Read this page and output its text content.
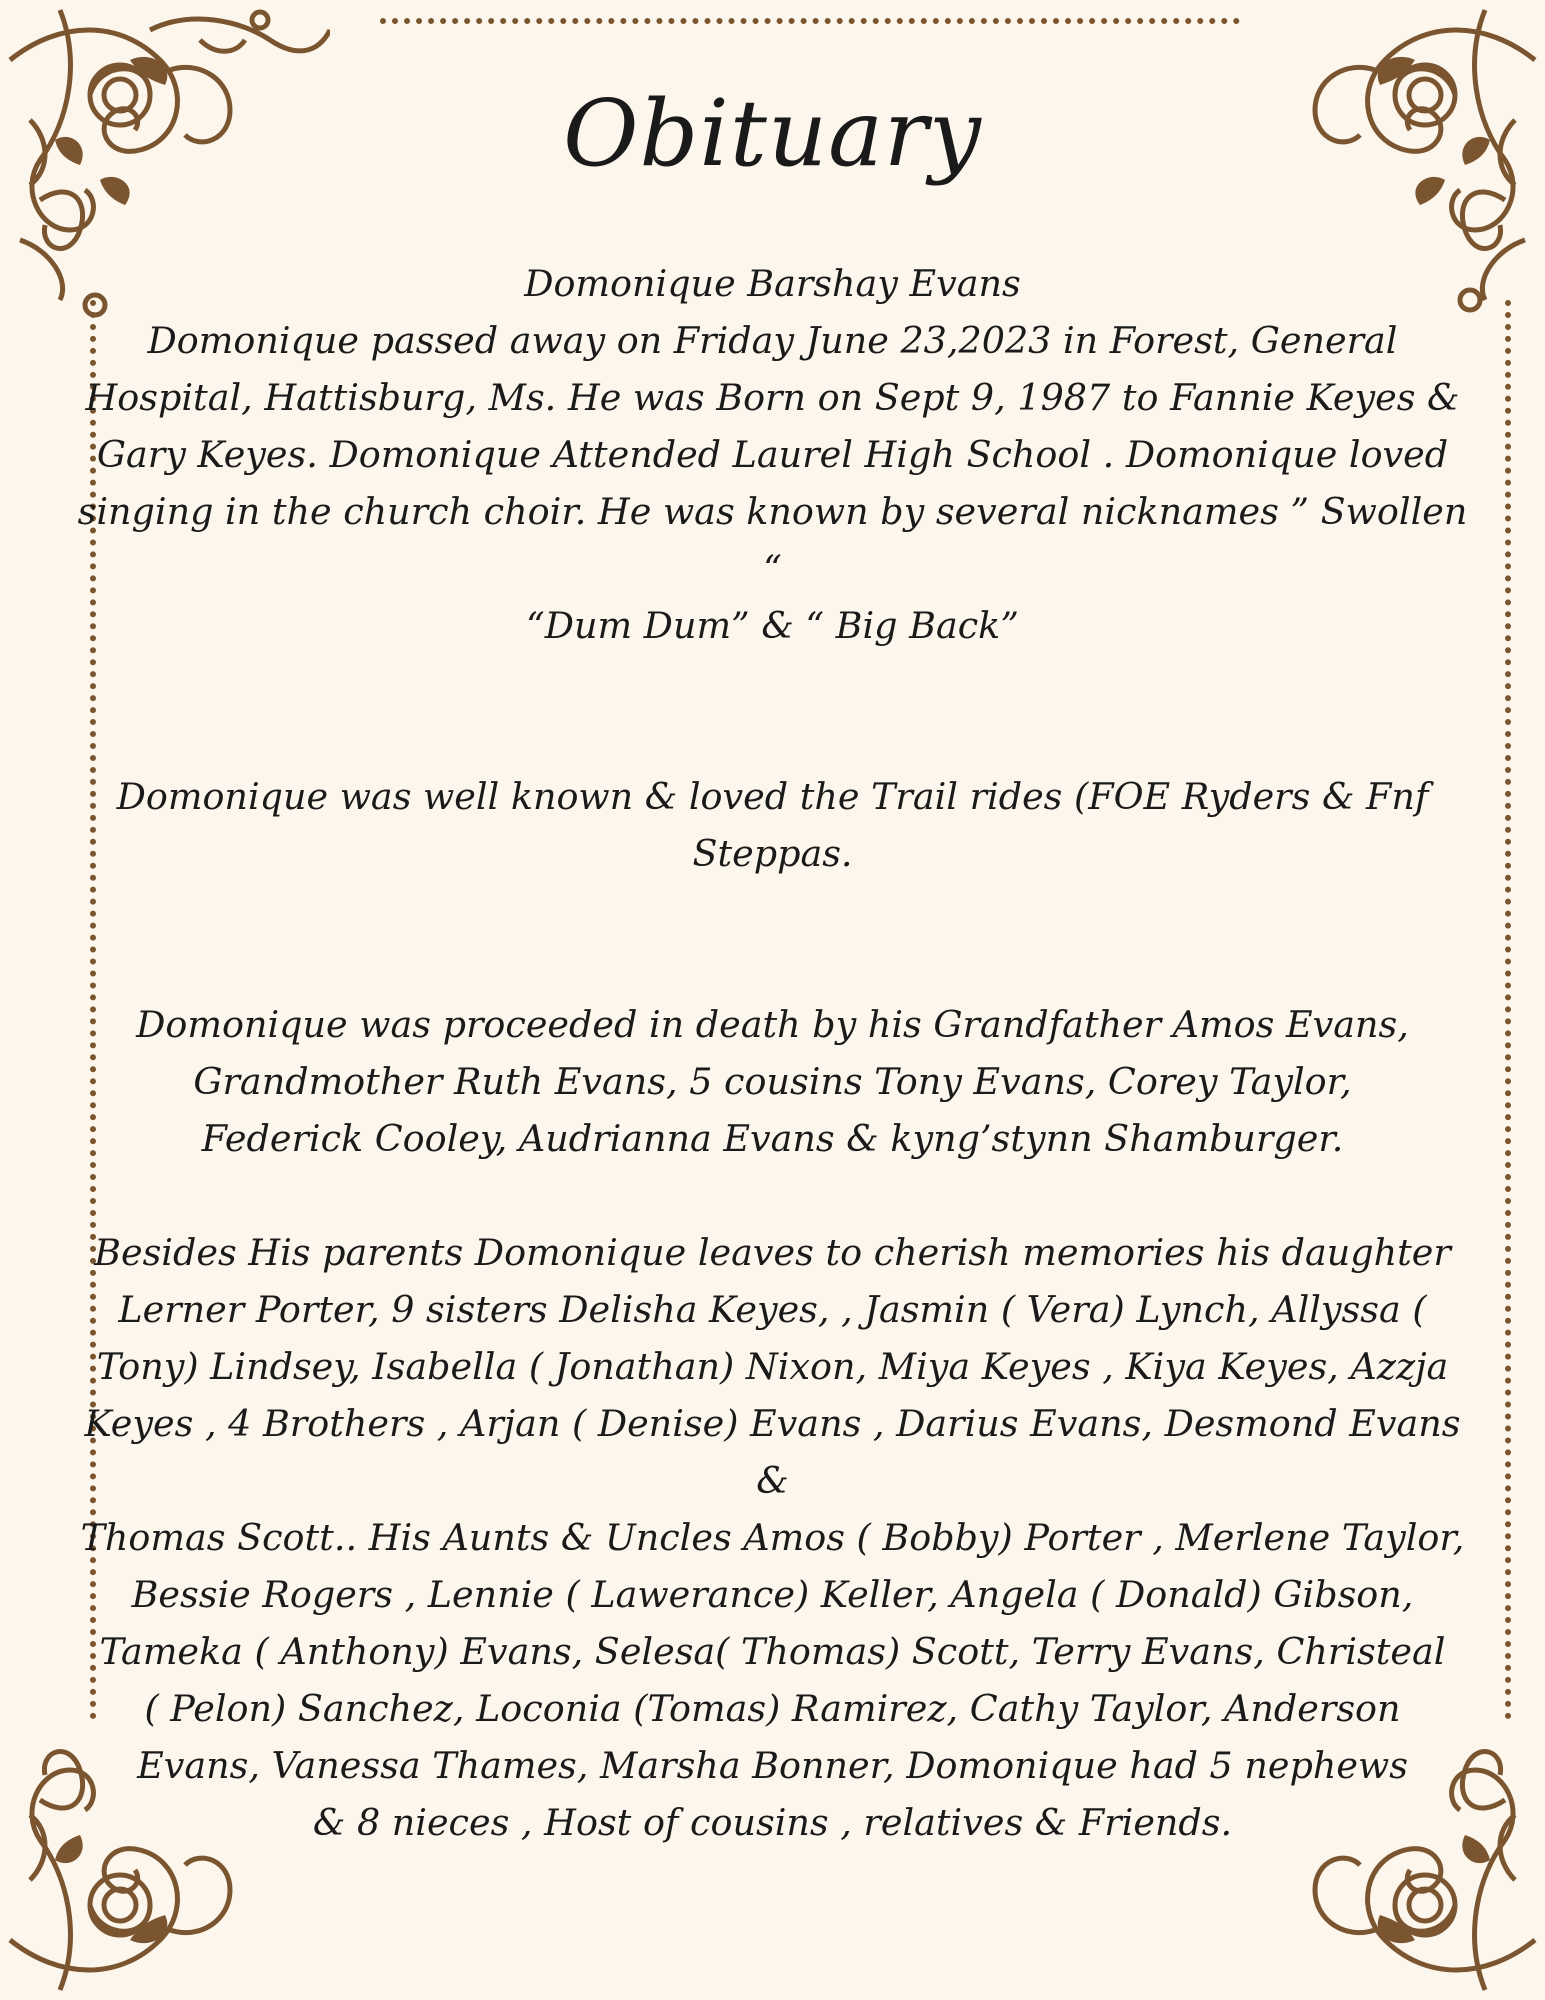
Obituary

Domonique Barshay Evans

Domonique passed away on Friday June 23,2023 in Forest, General

Hospital, Hattisburg, Ms. He was Born on Sept 9, 1987 to Fannie Keyes &

Gary Keyes. Domonique Attended Laurel High School . Domonique loved

singing in the church choir. He was known by several nicknames ” Swollen “

“Dum Dum” & “ Big Back”

Domonique was well known & loved the Trail rides (FOE Ryders & Fnf

Steppas.

Domonique was proceeded in death by his Grandfather Amos Evans,

Grandmother Ruth Evans, 5 cousins Tony Evans, Corey Taylor,

Federick Cooley, Audrianna Evans & kyng’stynn Shamburger.

Besides His parents Domonique leaves to cherish memories his daughter

Lerner Porter, 9 sisters Delisha Keyes, , Jasmin ( Vera) Lynch, Allyssa (

Tony) Lindsey, Isabella ( Jonathan) Nixon, Miya Keyes , Kiya Keyes, Azzja

Keyes , 4 Brothers , Arjan ( Denise) Evans , Darius Evans, Desmond Evans &

Thomas Scott.. His Aunts & Uncles Amos ( Bobby) Porter , Merlene Taylor,

Bessie Rogers , Lennie ( Lawerance) Keller, Angela ( Donald) Gibson,

Tameka ( Anthony) Evans, Selesa( Thomas) Scott, Terry Evans, Christeal

( Pelon) Sanchez, Loconia (Tomas) Ramirez, Cathy Taylor, Anderson

Evans, Vanessa Thames, Marsha Bonner, Domonique had 5 nephews

& 8 nieces , Host of cousins , relatives & Friends.
